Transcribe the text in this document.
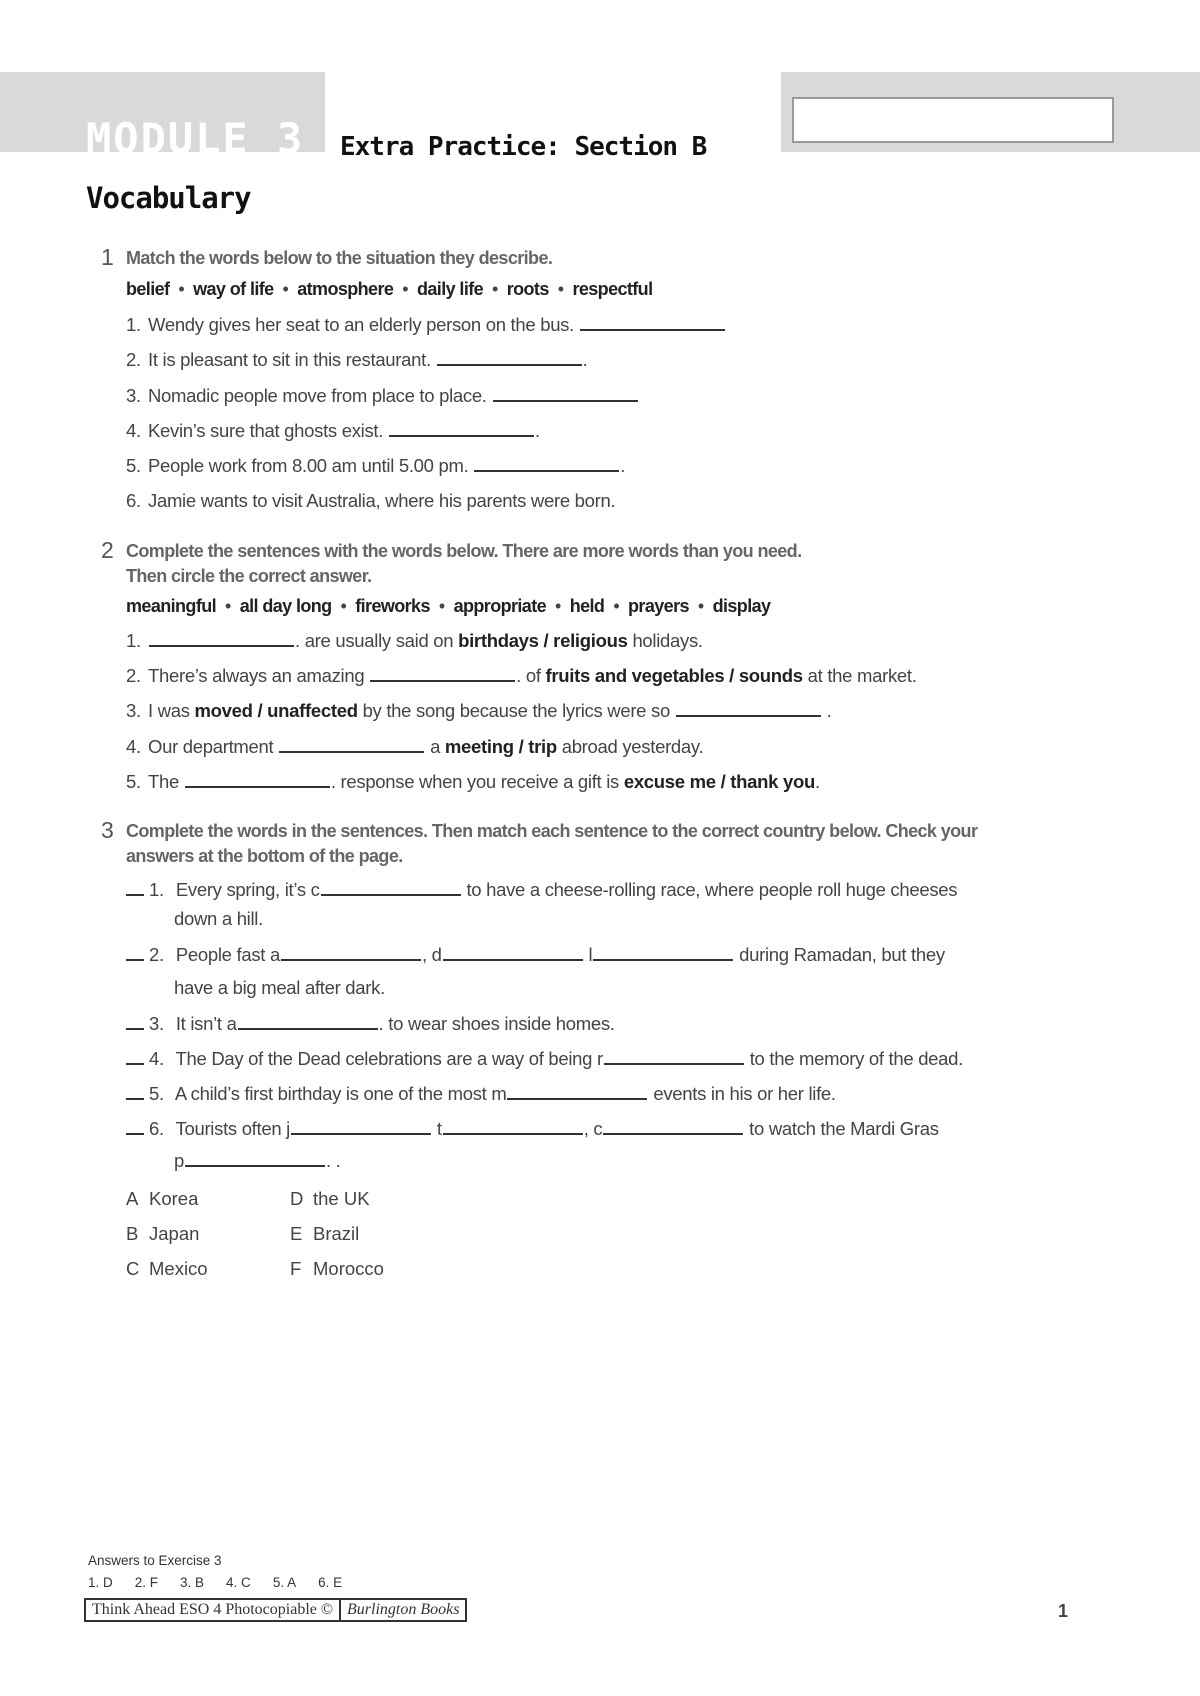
MODULE 3 Extra Practice: Section B
Vocabulary
1 Match the words below to the situation they describe.
belief • way of life • atmosphere • daily life • roots • respectful
1. Wendy gives her seat to an elderly person on the bus.
2. It is pleasant to sit in this restaurant.	.
3. Nomadic people move from place to place.
4. Kevin’s sure that ghosts exist.	.
5. People work from 8.00 am until 5.00 pm.	.
6. Jamie wants to visit Australia, where his parents were born.
2 Complete the sentences with the words below. There are more words than you need.
Then circle the correct answer.
meaningful • all day long • fireworks • appropriate • held • prayers • display
1.	. are usually said on birthdays / religious holidays.
2. There’s always an amazing	. of fruits and vegetables / sounds at the market.
3. I was moved / unaffected by the song because the lyrics were so	.
4. Our department	a meeting / trip abroad yesterday.
5. The	. response when you receive a gift is excuse me / thank you.
3 Complete the words in the sentences. Then match each sentence to the correct country below. Check your
answers at the bottom of the page.
1. Every spring, it’s c	to have a cheese-rolling race, where people roll huge cheeses
down a hill.
2. People fast a	, d	l	during Ramadan, but they
have a big meal after dark.
3. It isn’t a	. to wear shoes inside homes.
4. The Day of the Dead celebrations are a way of being r	to the memory of the dead.
5. A child’s first birthday is one of the most m	events in his or her life.
6. Tourists often j	t	, c	to watch the Mardi Gras
p	. .
A Korea
B Japan
C Mexico
D the UK
E Brazil
F Morocco
Answers to Exercise 3
1. D 2. F 3. B 4. C 5. A 6. E
Think Ahead ESO 4 Photocopiable © Burlington Books	1
